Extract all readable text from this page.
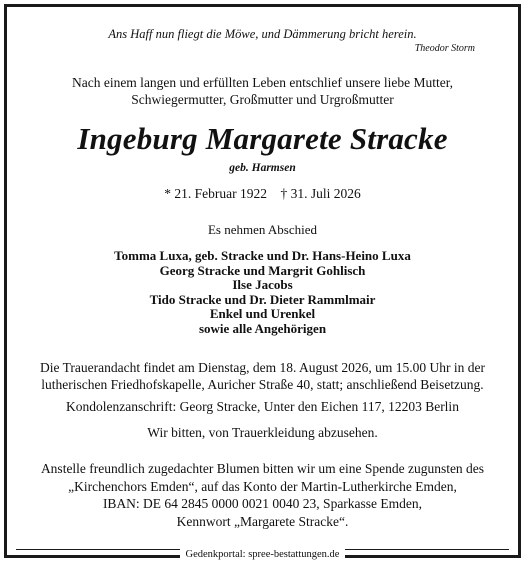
Ans Haff nun fliegt die Möwe, und Dämmerung bricht herein.
Theodor Storm
Nach einem langen und erfüllten Leben entschlief unsere liebe Mutter,
Schwiegermutter, Großmutter und Urgroßmutter
Ingeburg Margarete Stracke
geb. Harmsen
* 21. Februar 1922    † 31. Juli 2026
Es nehmen Abschied
Tomma Luxa, geb. Stracke und Dr. Hans-Heino Luxa
Georg Stracke und Margrit Gohlisch
Ilse Jacobs
Tido Stracke und Dr. Dieter Rammlmair
Enkel und Urenkel
sowie alle Angehörigen
Die Trauerandacht findet am Dienstag, dem 18. August 2026, um 15.00 Uhr in der
lutherischen Friedhofskapelle, Auricher Straße 40, statt; anschließend Beisetzung.
Kondolenzanschrift: Georg Stracke, Unter den Eichen 117, 12203 Berlin
Wir bitten, von Trauerkleidung abzusehen.
Anstelle freundlich zugedachter Blumen bitten wir um eine Spende zugunsten des
„Kirchenchors Emden“, auf das Konto der Martin-Lutherkirche Emden,
IBAN: DE 64 2845 0000 0021 0040 23, Sparkasse Emden,
Kennwort „Margarete Stracke“.
Gedenkportal: spree-bestattungen.de
